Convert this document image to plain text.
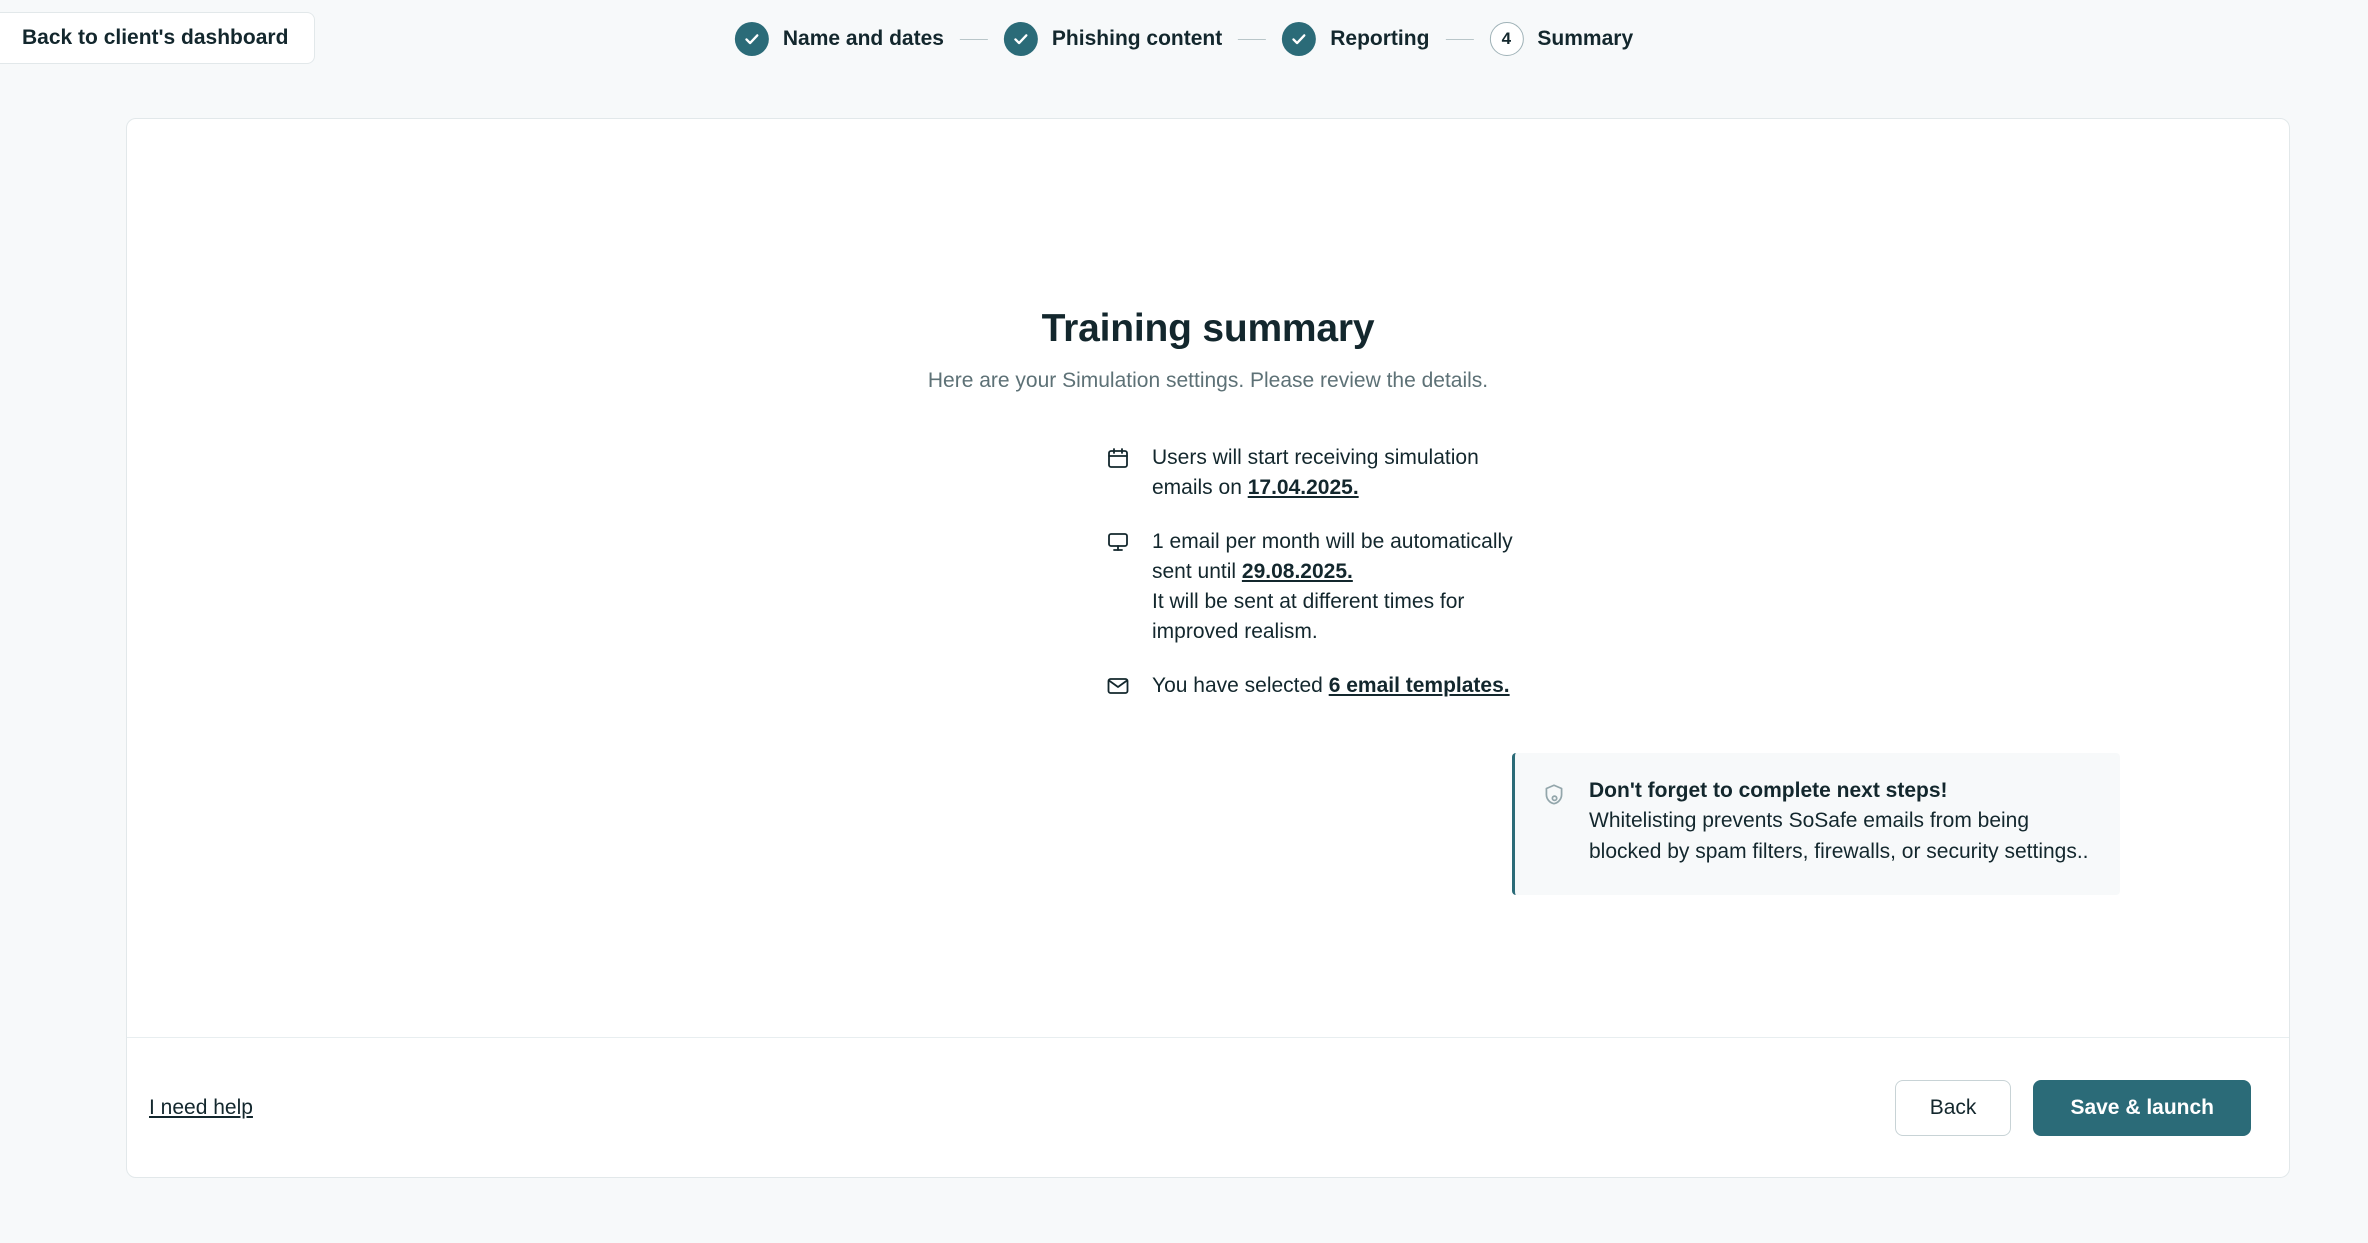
Back to client's dashboard	Name and dates	Phishing content	Reporting	4	Summary
Training summary

Here are your Simulation settings. Please review the details.

Users will start receiving simulation emails on 17.04.2025.
1 email per month will be automatically sent until 29.08.2025.
It will be sent at different times for improved realism.
You have selected 6 email templates.
Don't forget to complete next steps!
Whitelisting prevents SoSafe emails from being blocked by spam filters, firewalls, or security settings..
I need help	Back	Save & launch
